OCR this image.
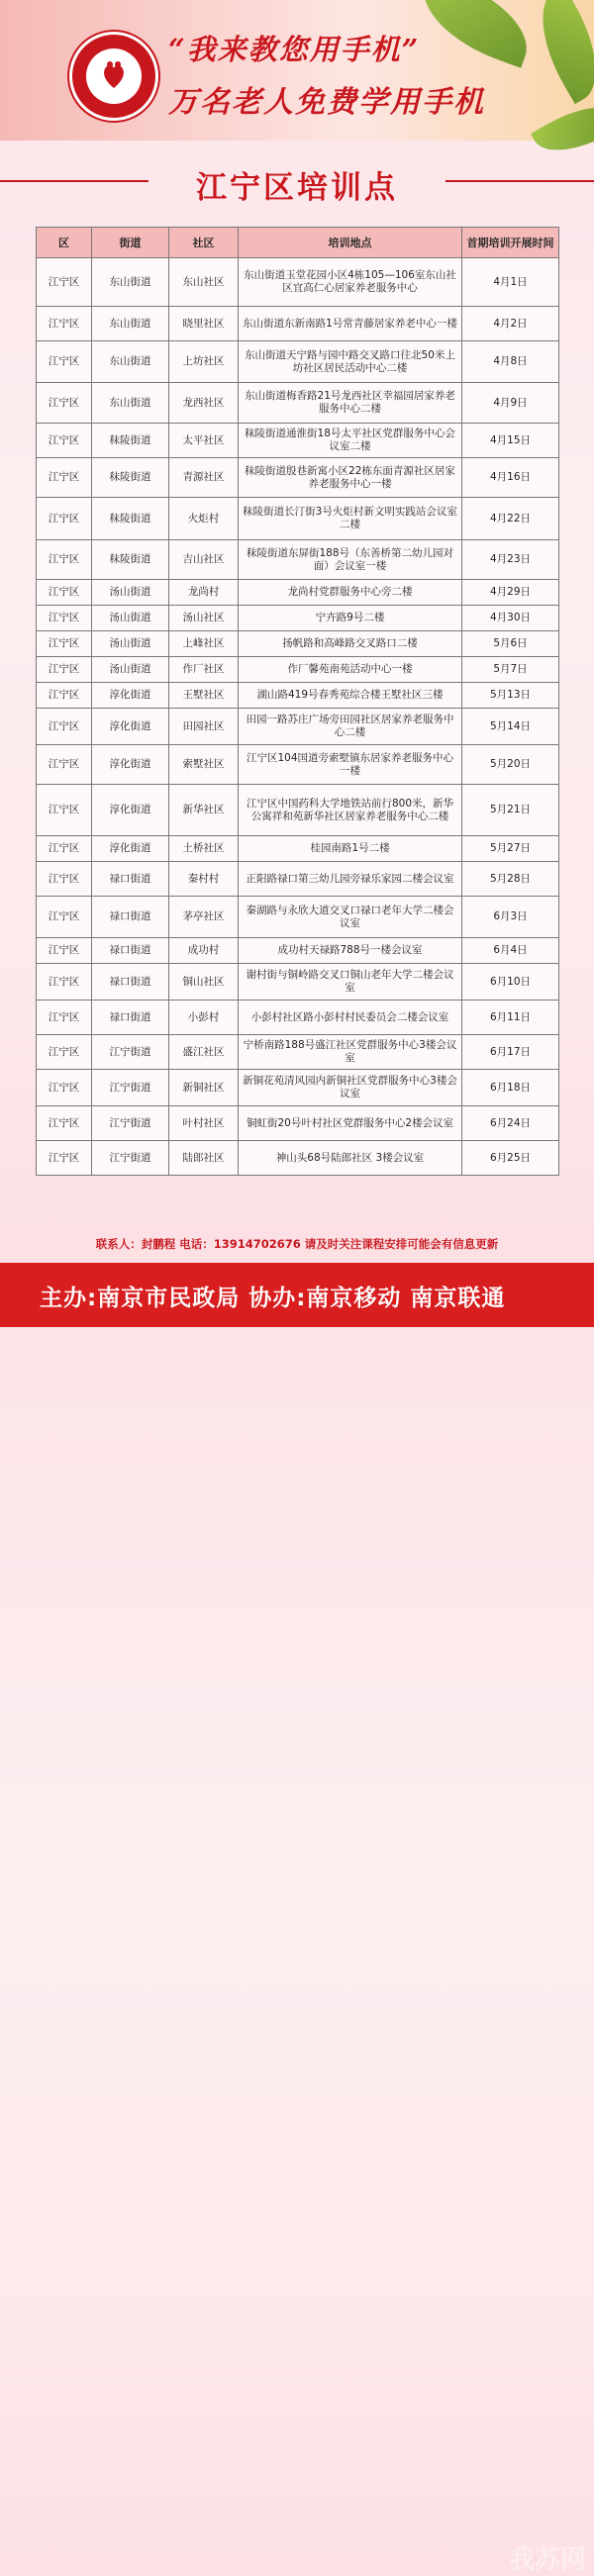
“我来教您用手机”
万名老人免费学用手机
江宁区培训点
区	街道	社区	培训地点	首期培训开展时间
江宁区	东山街道	东山社区	东山街道玉堂花园小区4栋105—106室东山社区宜高仁心居家养老服务中心	4月1日
江宁区	东山街道	晓里社区	东山街道东新南路1号常青藤居家养老中心一楼	4月2日
江宁区	东山街道	上坊社区	东山街道天宁路与园中路交叉路口往北50米上坊社区居民活动中心二楼	4月8日
江宁区	东山街道	龙西社区	东山街道梅香路21号龙西社区幸福园居家养老服务中心二楼	4月9日
江宁区	秣陵街道	太平社区	秣陵街道通淮街18号太平社区党群服务中心会议室二楼	4月15日
江宁区	秣陵街道	青源社区	秣陵街道殷巷新寓小区22栋东面青源社区居家养老服务中心一楼	4月16日
江宁区	秣陵街道	火炬村	秣陵街道长汀街3号火炬村新文明实践站会议室二楼	4月22日
江宁区	秣陵街道	吉山社区	秣陵街道东屏街188号（东善桥第二幼儿园对面）会议室一楼	4月23日
江宁区	汤山街道	龙尚村	龙尚村党群服务中心旁二楼	4月29日
江宁区	汤山街道	汤山社区	宁卉路9号二楼	4月30日
江宁区	汤山街道	上峰社区	扬帆路和高峰路交叉路口二楼	5月6日
江宁区	汤山街道	作厂社区	作厂馨苑南苑活动中心一楼	5月7日
江宁区	淳化街道	王墅社区	湖山路419号春秀苑综合楼王墅社区三楼	5月13日
江宁区	淳化街道	田园社区	田园一路苏庄广场旁田园社区居家养老服务中心二楼	5月14日
江宁区	淳化街道	索墅社区	江宁区104国道旁索墅镇东居家养老服务中心一楼	5月20日
江宁区	淳化街道	新华社区	江宁区中国药科大学地铁站前行800米，新华公寓祥和苑新华社区居家养老服务中心二楼	5月21日
江宁区	淳化街道	土桥社区	桂园南路1号二楼	5月27日
江宁区	禄口街道	秦村村	正阳路禄口第三幼儿园旁禄乐家园二楼会议室	5月28日
江宁区	禄口街道	茅亭社区	秦湖路与永欣大道交叉口禄口老年大学二楼会议室	6月3日
江宁区	禄口街道	成功村	成功村天禄路788号一楼会议室	6月4日
江宁区	禄口街道	铜山社区	谢村街与铜岭路交叉口铜山老年大学二楼会议室	6月10日
江宁区	禄口街道	小彭村	小彭村社区路小彭村村民委员会二楼会议室	6月11日
江宁区	江宁街道	盛江社区	宁桥南路188号盛江社区党群服务中心3楼会议室	6月17日
江宁区	江宁街道	新铜社区	新铜花苑清风园内新铜社区党群服务中心3楼会议室	6月18日
江宁区	江宁街道	叶村社区	铜虹街20号叶村社区党群服务中心2楼会议室	6月24日
江宁区	江宁街道	陆郎社区	神山头68号陆郎社区 3楼会议室	6月25日
联系人：封鹏程 电话：13914702676 请及时关注课程安排可能会有信息更新
主办:南京市民政局 协办:南京移动 南京联通
我苏网
